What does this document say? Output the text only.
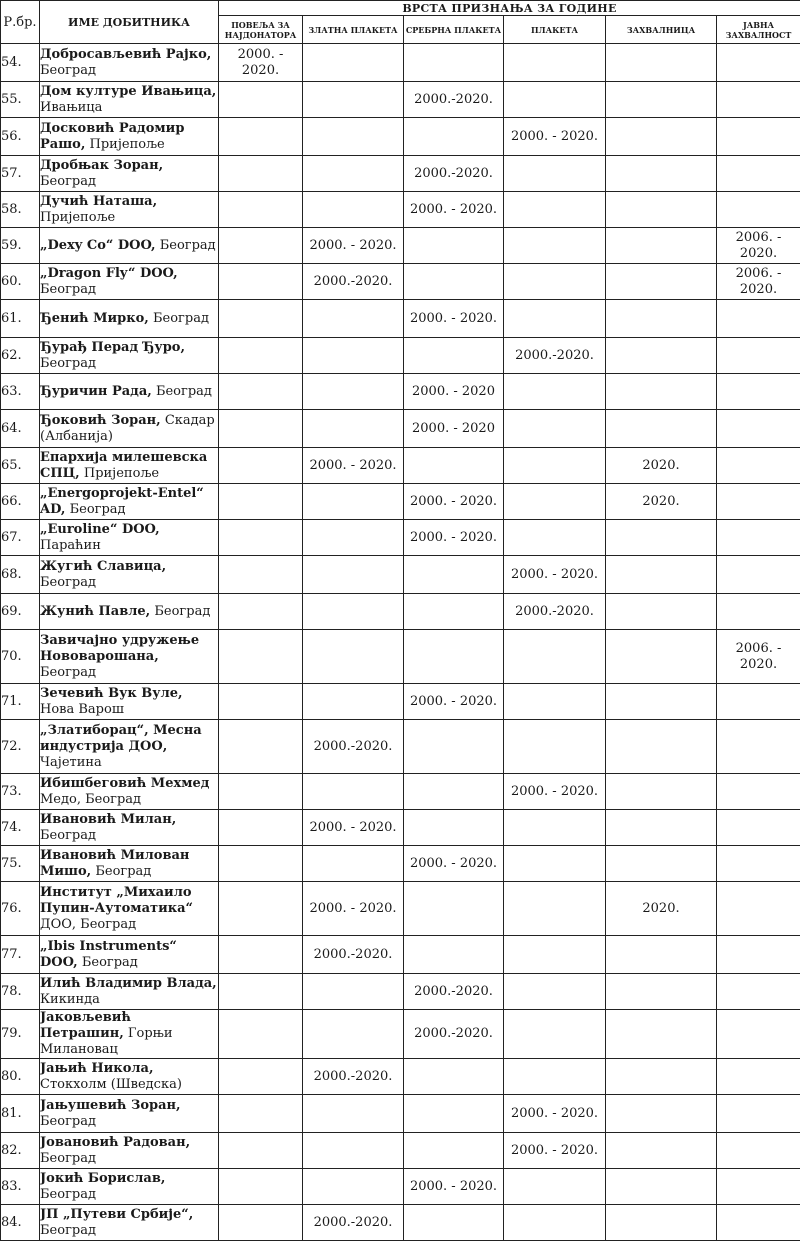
Р.бр.	ИМЕ ДОБИТНИКА	ВРСТА ПРИЗНАЊА ЗА ГОДИНЕ					
		ПОВЕЉА ЗА НАЈДОНАТОРА	ЗЛАТНА ПЛАКЕТА	СРЕБРНА ПЛАКЕТА	ПЛАКЕТА	ЗАХВАЛНИЦА	ЈАВНА ЗАХВАЛНОСТ
54.	Добросављевић Рајко, Београд	2000. - 2020.					
55.	Дом културе Ивањица, Ивањица			2000.-2020.			
56.	Досковић Радомир Рашо, Пријепоље				2000. - 2020.		
57.	Дробњак Зоран, Београд			2000.-2020.			
58.	Дучић Наташа, Пријепоље			2000. - 2020.			
59.	„Dexy Co“ DOO, Београд		2000. - 2020.				2006. - 2020.
60.	„Dragon Fly“ DOO, Београд		2000.-2020.				2006. - 2020.
61.	Ђенић Мирко, Београд			2000. - 2020.			
62.	Ђурађ Перад Ђуро, Београд				2000.-2020.		
63.	Ђуричин Рада, Београд			2000. - 2020			
64.	Ђоковић Зоран, Скадар (Албанија)			2000. - 2020			
65.	Епархија милешевска СПЦ, Пријепоље		2000. - 2020.			2020.	
66.	„Energoprojekt-Entel“ AD, Београд			2000. - 2020.		2020.	
67.	„Euroline“ DOO, Параћин			2000. - 2020.			
68.	Жугић Славица, Београд				2000. - 2020.		
69.	Жунић Павле, Београд				2000.-2020.		
70.	Завичајно удружење Нововарошана, Београд						2006. - 2020.
71.	Зечевић Вук Вуле, Нова Варош			2000. - 2020.			
72.	„Златиборац“, Месна индустрија ДОО, Чајетина		2000.-2020.				
73.	Ибишбеговић Мехмед Медо, Београд				2000. - 2020.		
74.	Ивановић Милан, Београд		2000. - 2020.				
75.	Ивановић Милован Мишо, Београд			2000. - 2020.			
76.	Институт „Михаило Пупин-Аутоматика“ ДОО, Београд		2000. - 2020.			2020.	
77.	„Ibis Instruments“ DOO, Београд		2000.-2020.				
78.	Илић Владимир Влада, Кикинда			2000.-2020.			
79.	Јаковљевић Петрашин, Горњи Милановац			2000.-2020.			
80.	Јањић Никола, Стокхолм (Шведска)		2000.-2020.				
81.	Јањушевић Зоран, Београд				2000. - 2020.		
82.	Јовановић Радован, Београд				2000. - 2020.		
83.	Јокић Борислав, Београд			2000. - 2020.			
84.	ЈП „Путеви Србије“, Београд		2000.-2020.				
